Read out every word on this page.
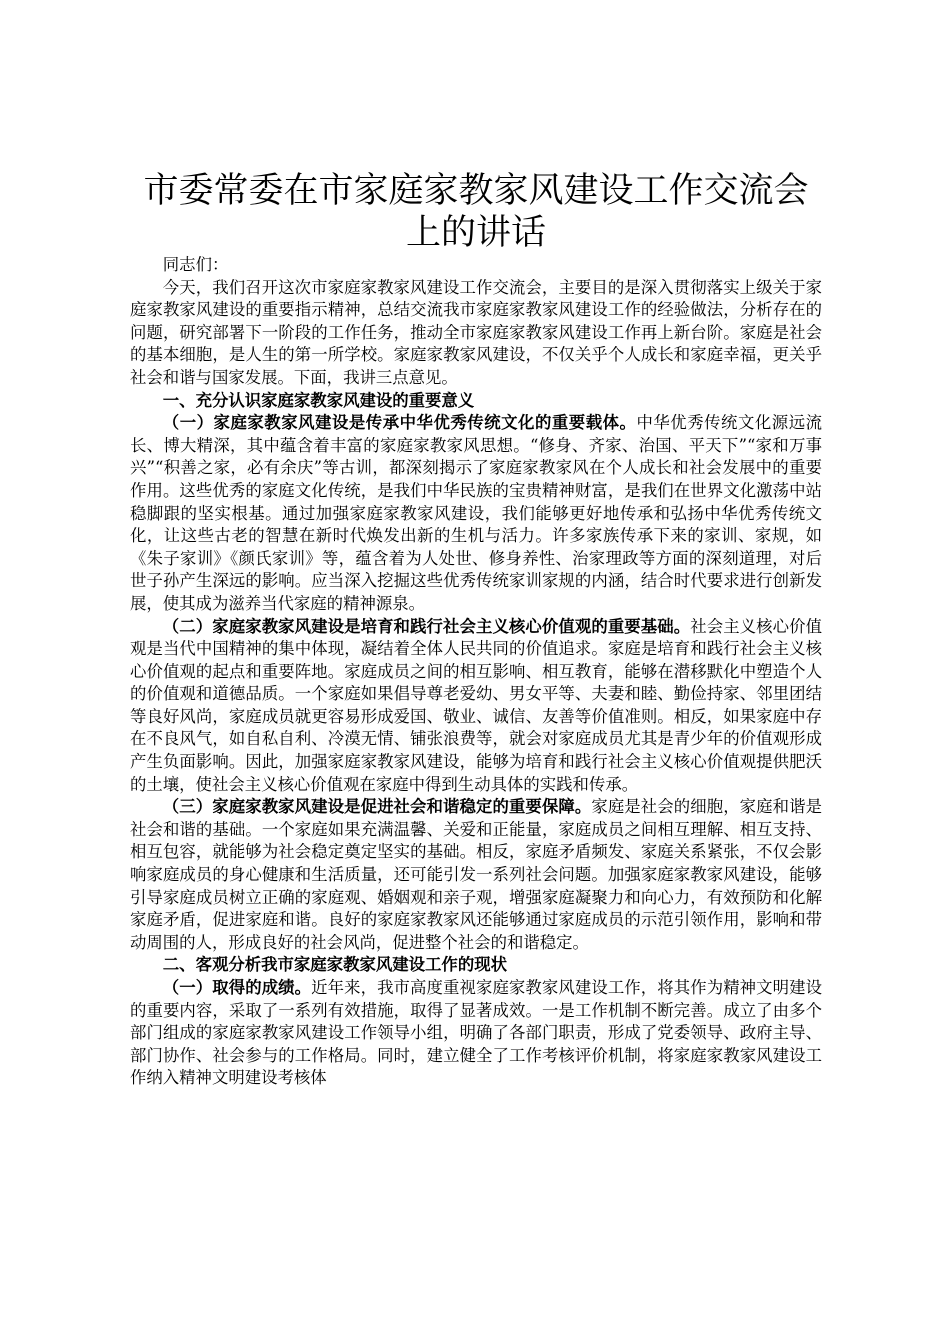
市委常委在市家庭家教家风建设工作交流会上的讲话

同志们：

今天，我们召开这次市家庭家教家风建设工作交流会，主要目的是深入贯彻落实上级关于家庭家教家风建设的重要指示精神，总结交流我市家庭家教家风建设工作的经验做法，分析存在的问题，研究部署下一阶段的工作任务，推动全市家庭家教家风建设工作再上新台阶。家庭是社会的基本细胞，是人生的第一所学校。家庭家教家风建设，不仅关乎个人成长和家庭幸福，更关乎社会和谐与国家发展。下面，我讲三点意见。

一、充分认识家庭家教家风建设的重要意义

（一）家庭家教家风建设是传承中华优秀传统文化的重要载体。中华优秀传统文化源远流长、博大精深，其中蕴含着丰富的家庭家教家风思想。“修身、齐家、治国、平天下”“家和万事兴”“积善之家，必有余庆”等古训，都深刻揭示了家庭家教家风在个人成长和社会发展中的重要作用。这些优秀的家庭文化传统，是我们中华民族的宝贵精神财富，是我们在世界文化激荡中站稳脚跟的坚实根基。通过加强家庭家教家风建设，我们能够更好地传承和弘扬中华优秀传统文化，让这些古老的智慧在新时代焕发出新的生机与活力。许多家族传承下来的家训、家规，如《朱子家训》《颜氏家训》等，蕴含着为人处世、修身养性、治家理政等方面的深刻道理，对后世子孙产生深远的影响。应当深入挖掘这些优秀传统家训家规的内涵，结合时代要求进行创新发展，使其成为滋养当代家庭的精神源泉。

（二）家庭家教家风建设是培育和践行社会主义核心价值观的重要基础。社会主义核心价值观是当代中国精神的集中体现，凝结着全体人民共同的价值追求。家庭是培育和践行社会主义核心价值观的起点和重要阵地。家庭成员之间的相互影响、相互教育，能够在潜移默化中塑造个人的价值观和道德品质。一个家庭如果倡导尊老爱幼、男女平等、夫妻和睦、勤俭持家、邻里团结等良好风尚，家庭成员就更容易形成爱国、敬业、诚信、友善等价值准则。相反，如果家庭中存在不良风气，如自私自利、冷漠无情、铺张浪费等，就会对家庭成员尤其是青少年的价值观形成产生负面影响。因此，加强家庭家教家风建设，能够为培育和践行社会主义核心价值观提供肥沃的土壤，使社会主义核心价值观在家庭中得到生动具体的实践和传承。

（三）家庭家教家风建设是促进社会和谐稳定的重要保障。家庭是社会的细胞，家庭和谐是社会和谐的基础。一个家庭如果充满温馨、关爱和正能量，家庭成员之间相互理解、相互支持、相互包容，就能够为社会稳定奠定坚实的基础。相反，家庭矛盾频发、家庭关系紧张，不仅会影响家庭成员的身心健康和生活质量，还可能引发一系列社会问题。加强家庭家教家风建设，能够引导家庭成员树立正确的家庭观、婚姻观和亲子观，增强家庭凝聚力和向心力，有效预防和化解家庭矛盾，促进家庭和谐。良好的家庭家教家风还能够通过家庭成员的示范引领作用，影响和带动周围的人，形成良好的社会风尚，促进整个社会的和谐稳定。

二、客观分析我市家庭家教家风建设工作的现状

（一）取得的成绩。近年来，我市高度重视家庭家教家风建设工作，将其作为精神文明建设的重要内容，采取了一系列有效措施，取得了显著成效。一是工作机制不断完善。成立了由多个部门组成的家庭家教家风建设工作领导小组，明确了各部门职责，形成了党委领导、政府主导、部门协作、社会参与的工作格局。同时，建立健全了工作考核评价机制，将家庭家教家风建设工作纳入精神文明建设考核体
